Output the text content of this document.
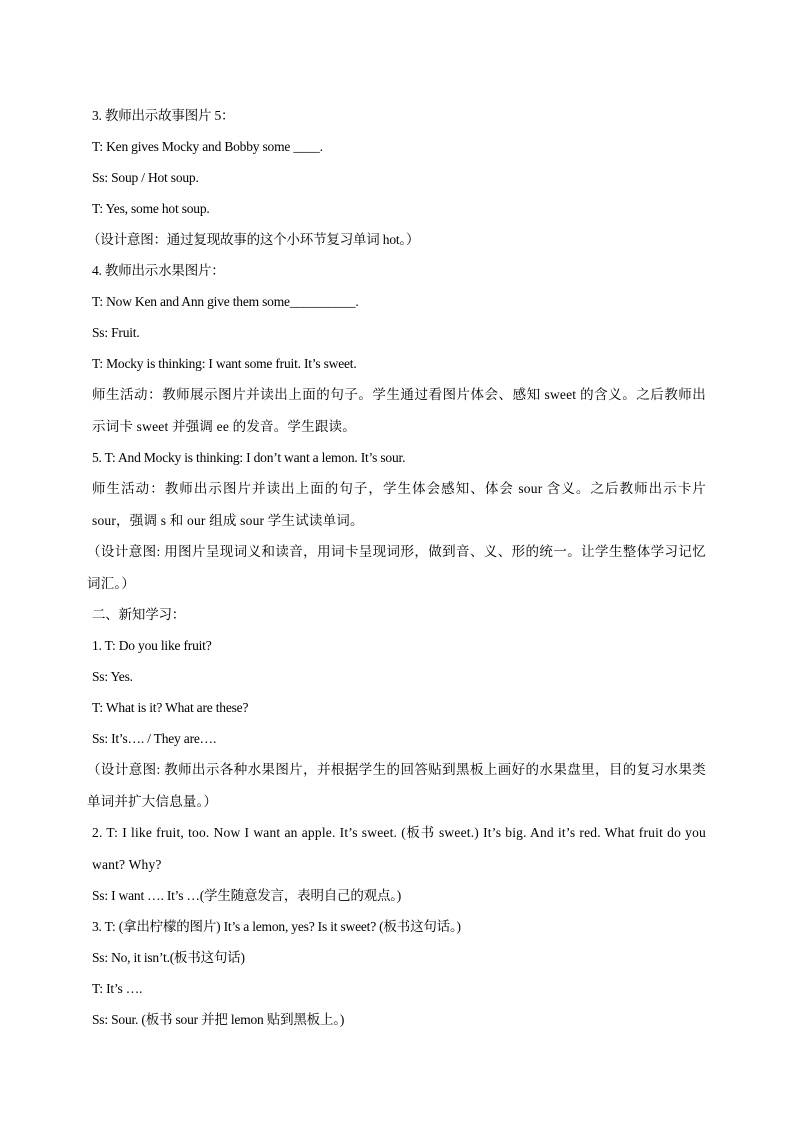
3. 教师出示故事图片 5：
T: Ken gives Mocky and Bobby some ____.
Ss: Soup / Hot soup.
T: Yes, some hot soup.
（设计意图：通过复现故事的这个小环节复习单词 hot。）
4. 教师出示水果图片：
T: Now Ken and Ann give them some__________.
Ss: Fruit.
T: Mocky is thinking: I want some fruit. It’s sweet.
师生活动：教师展示图片并读出上面的句子。学生通过看图片体会、感知 sweet 的含义。之后教师出示词卡 sweet 并强调 ee 的发音。学生跟读。
5. T: And Mocky is thinking: I don’t want a lemon. It’s sour.
师生活动：教师出示图片并读出上面的句子，学生体会感知、体会 sour 含义。之后教师出示卡片 sour，强调 s 和 our 组成 sour 学生试读单词。
（设计意图: 用图片呈现词义和读音，用词卡呈现词形，做到音、义、形的统一。让学生整体学习记忆词汇。）
二、新知学习：
1. T: Do you like fruit?
Ss: Yes.
T: What is it? What are these?
Ss: It’s…. / They are….
（设计意图: 教师出示各种水果图片，并根据学生的回答贴到黑板上画好的水果盘里，目的复习水果类单词并扩大信息量。）
2. T: I like fruit, too. Now I want an apple. It’s sweet. (板书 sweet.) It’s big. And it’s red. What fruit do you want? Why?
Ss: I want …. It’s …(学生随意发言，表明自己的观点。)
3. T: (拿出柠檬的图片) It’s a lemon, yes? Is it sweet? (板书这句话。)
Ss: No, it isn’t.(板书这句话)
T: It’s ….
Ss: Sour. (板书 sour 并把 lemon 贴到黑板上。)
